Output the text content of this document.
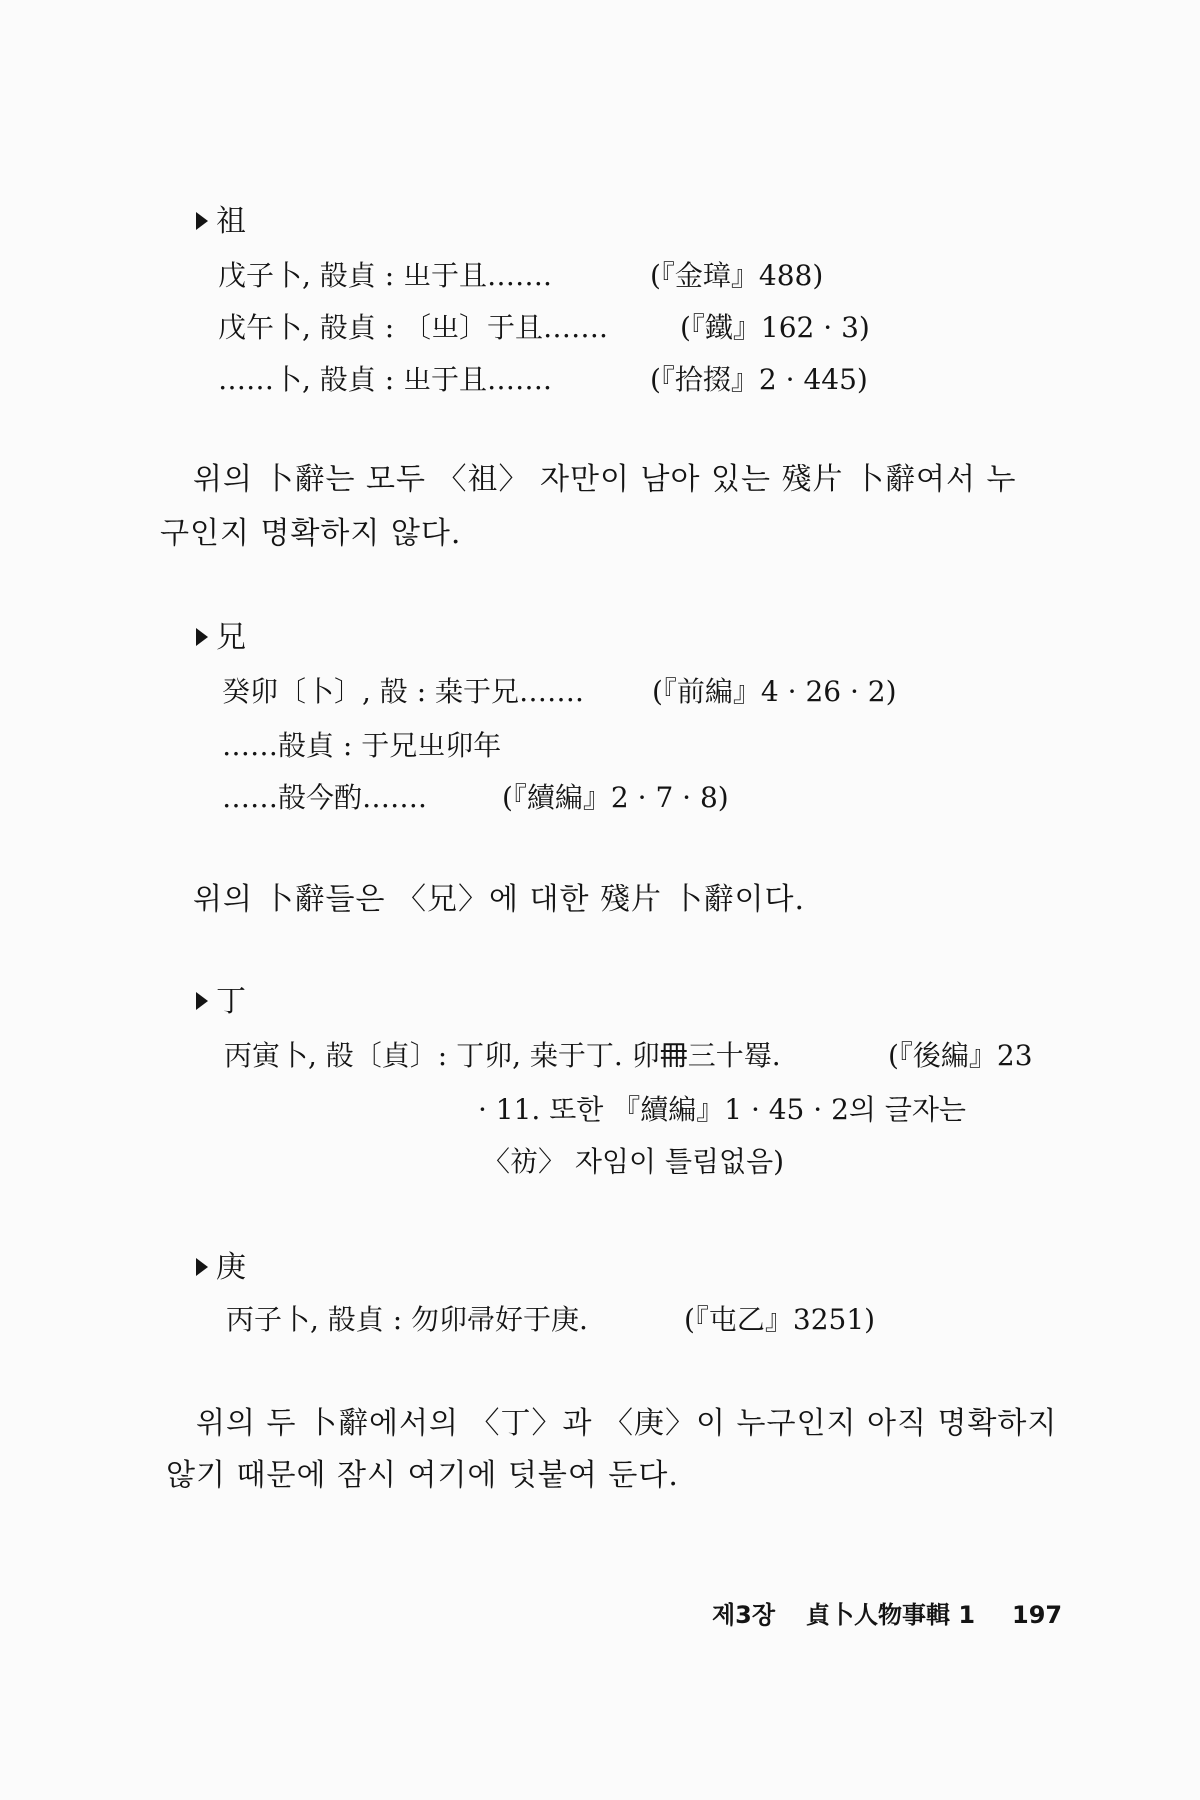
祖
戊子卜, 㱿貞 : 㞢于且…….	(『金璋』488)
戊午卜, 㱿貞 : 〔㞢〕于且…….	(『鐵』162 · 3)
……卜, 㱿貞 : 㞢于且…….	(『拾掇』2 · 445)
위의 卜辭는 모두 〈祖〉 자만이 남아 있는 殘片 卜辭여서 누
구인지 명확하지 않다.
兄
癸卯〔卜〕, 㱿 : 桒于兄……. (『前編』4 · 26 · 2)
……㱿貞 : 于兄㞢卯年
……㱿今酌…….	(『續編』2 · 7 · 8)
위의 卜辭들은 〈兄〉에 대한 殘片 卜辭이다.
丁
丙寅卜, 㱿〔貞〕: 丁卯, 桒于丁. 卯𠕋三十䍙.	(『後編』23
· 11. 또한 『續編』1 · 45 · 2의 글자는
〈祊〉 자임이 틀림없음)
庚
丙子卜, 㱿貞 : 勿卯帚好于庚.	(『屯乙』3251)
위의 두 卜辭에서의 〈丁〉과 〈庚〉이 누구인지 아직 명확하지
않기 때문에 잠시 여기에 덧붙여 둔다.
제3장 貞卜人物事輯 1 197
